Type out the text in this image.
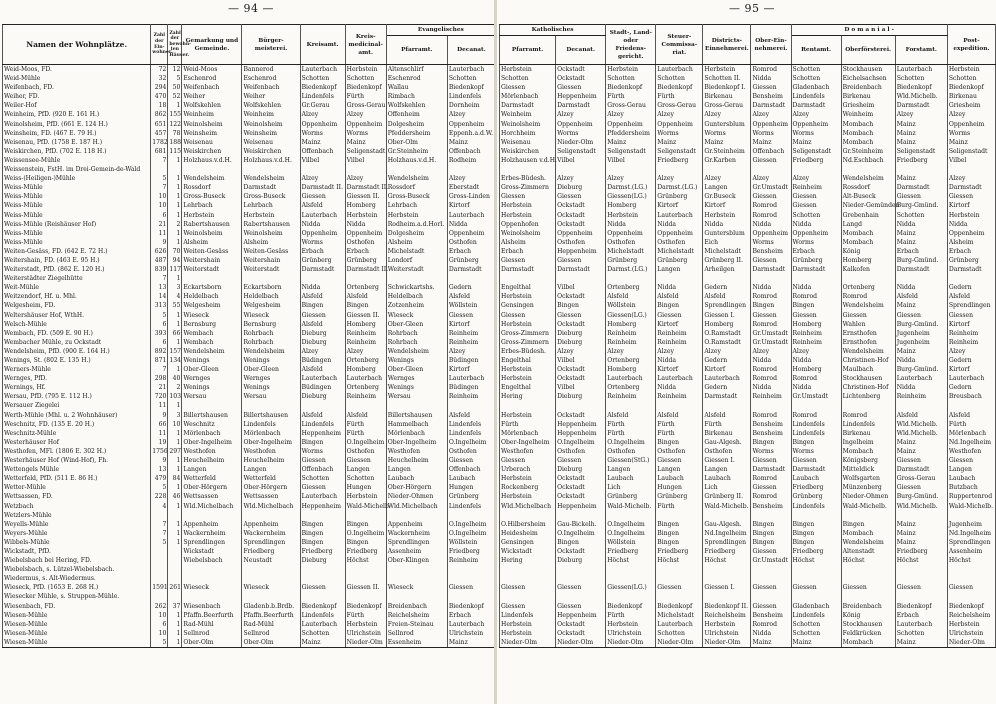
— 94 —
Namen der Wohnplätze.	Zahl der Ein-wohner.	Zahl der bewohn-ten Häuser.	Gemarkung und Gemeinde.	Bürger-meisterei.	Kreisamt.	Kreis-medicinal-amt.	Evangelisches	
							Pfarramt.	Decanat.
Weid-Moos, FD.	72	12	Weid-Moos	Bannerod	Lauterbach	Herbstein	Altenschlirf	Lauterbach
Weid-Mühle	32	5	Eschenrod	Eschenrod	Schotten	Schotten	Eschenrod	Schotten
Weifenbach, FD.	294	50	Weifenbach	Weifenbach	Biedenkopf	Biedenkopf	Wallau	Biedenkopf
Weiher, FD.	470	52	Weiher	Weiher	Lindenfels	Fürth	Rimbach	Lindenfels
Weiler-Hof	18	1	Wolfskehlen	Wolfskehlen	Gr.Gerau	Gross-Gerau	Wolfskehlen	Dornheim
Weinheim, PfD. (920 E. 161 H.)	862	155	Weinheim	Weinheim	Alzey	Alzey	Offenheim	Alzey
Weinolsheim, PfD. (661 E. 124 H.)	651	122	Weinolsheim	Weinolsheim	Oppenheim	Oppenheim	Dolgesheim	Oppenheim
Weinsheim, FD. (467 E. 79 H.)	457	78	Weinsheim	Weinsheim	Worms	Worms	Pfeddersheim	Eppenh.a.d.W.
Weisenau, PfD. (1758 E. 187 H.)	1782	188	Weisenau	Weisenau	Mainz	Mainz	Ober-Olm	Mainz
Weiskirchen, PfD. (702 E. 118 H.)	681	115	Weiskirchen	Weiskirchen	Offenbach	Seligenstadt	Gr.Steinheim	Offenbach
Weissensee-Mühle	7	1	Holzhaus.v.d.H.	Holzhaus.v.d.H.	Vilbel	Vilbel	Holzhaus.v.d.H.	Rodheim
Weissenstein, FstH. im Drei-Gemein-de-Wald								
Weiss-(Heiligen-)Mühle	5	1	Wendelsheim	Wendelsheim	Alzey	Alzey	Wendelsheim	Alzey
Weiss-Mühle	7	1	Rossdorf	Darmstadt	Darmstadt II.	Darmstadt II.	Rossdorf	Eberstadt
Weiss-Mühle	10	1	Gross-Buseck	Gross-Buseck	Giessen	Giessen II.	Gross-Buseck	Gross-Linden
Weiss-Mühle	10	1	Lehrbach	Lehrbach	Alsfeld	Homberg	Lehrbach	Kirtorf
Weiss-Mühle	6	1	Herbstein	Herbstein	Lauterbach	Herbstein	Herbstein	Lauterbach
Weiss-Mühle (Reishäuser Hof)	21	2	Rabertshausen	Rabertshausen	Nidda	Nidda	Rodheim.a.d.Horl.	Nidda
Weiss-Mühle	11	1	Weinolsheim	Weinolsheim	Oppenheim	Oppenheim	Dolgesheim	Oppenheim
Weiss-Mühle	9	1	Alsheim	Alsheim	Worms	Osthofen	Alsheim	Osthofen
Weiten-Gesäss, FD. (642 E. 72 H.)	626	70	Weiten-Gesäss	Weiten-Gesäss	Erbach	Erbach	Michelstadt	Erbach
Weitershain, FD. (463 E. 95 H.)	487	94	Weitershain	Weitershain	Grünberg	Grünberg	Londorf	Grünberg
Weiterstadt, PfD. (862 E. 120 H.)	839	117	Weiterstadt	Weiterstadt	Darmstadt	Darmstadt II.	Weiterstadt	Darmstadt
Weiterstädter Ziegelhütte	7	1						
Weit-Mühle	13	3	Eckartsborn	Eckartsborn	Nidda	Ortenberg	Schwickartshs.	Gedern
Weitzendorf, Hf. u. Mhl.	14	4	Heldelbach	Heldelbach	Alsfeld	Alsfeld	Heldelbach	Alsfeld
Welgesheim, FD.	313	55	Welgesheim	Welgesheim	Bingen	Bingen	Zotzenheim	Wöllstein
Weltershäuser Hof, WthH.	5	1	Wieseck	Wieseck	Giessen	Giessen II.	Wieseck	Giessen
Welsch-Mühle	6	1	Bernsburg	Bernsburg	Alsfeld	Homberg	Ober-Gleen	Kirtorf
Wembach, FD. (509 E. 90 H.)	393	66	Wembach	Rohrbach	Dieburg	Reinheim	Rohrbach	Reinheim
Wembacher Mühle, zu Ockstadt	6	1	Wembach	Rohrbach	Dieburg	Reinheim	Rohrbach	Reinheim
Wendelsheim, PfD. (900 E. 164 H.)	892	157	Wendelsheim	Wendelsheim	Alzey	Alzey	Wendelsheim	Alzey
Wenings, St. (802 E. 135 H.)	871	134	Wenings	Wenings	Büdingen	Ortenberg	Wenings	Büdingen
Werners-Mühle	7	1	Ober-Gleen	Ober-Gleen	Alsfeld	Homberg	Ober-Gleen	Kirtorf
Wernges, PfD.	298	40	Wernges	Wernges	Lauterbach	Lauterbach	Wernges	Lauterbach
Wernings, Hf.	21	2	Wenings	Wenings	Büdingen	Ortenberg	Wenings	Büdingen
Wersau, PfD. (795 E. 112 H.)	720	103	Wersau	Wersau	Dieburg	Reinheim	Wersau	Reinheim
Wersauer Ziegelei	11	1						
Werth-Mühle (Mhl. u. 2 Wohnhäuser)	9	3	Billertshausen	Billertshausen	Alsfeld	Alsfeld	Billertshausen	Alsfeld
Weschnitz, FD. (135 E. 20 H.)	66	10	Weschnitz	Lindenfels	Lindenfels	Fürth	Hammelbach	Lindenfels
Weschnitz-Mühle	11	1	Mörlenbach	Mörlenbach	Heppenheim	Fürth	Mörlenbach	Lindenfels
Westerhäuser Hof	19	1	Ober-Ingelheim	Ober-Ingelheim	Bingen	O.Ingelheim	Ober-Ingelheim	O.Ingelheim
Westhofen, MFl. (1806 E. 302 H.)	1756	297	Westhofen	Westhofen	Worms	Osthofen	Westhofen	Osthofen
Westerhäuser Hof (Wind-Hof), Fh.	9	1	Heuchelheim	Heuchelheim	Giessen	Giessen	Heuchelheim	Giessen
Wettengels Mühle	13	1	Langen	Langen	Offenbach	Langen	Langen	Offenbach
Wetterfeld, PfD. (511 E. 86 H.)	479	84	Wetterfeld	Wetterfeld	Schotten	Schotten	Laubach	Laubach
Wetter-Mühle	5	1	Ober-Hörgern	Ober-Hörgern	Giessen	Hungen	Ober-Hörgern	Hungen
Wettsassen, FD.	228	46	Wettsassen	Wettsassen	Lauterbach	Herbstein	Nieder-Ohmen	Grünberg
Wetzbach	4	1	Wld.Michelbach	Wld.Michelbach	Heppenheim	Wald-Michelb.	Wld.Michelbach	Lindenfels
Wetzlers-Mühle								
Weyells-Mühle	7	1	Appenheim	Appenheim	Bingen	Bingen	Appenheim	O.Ingelheim
Weyers-Mühle	7	1	Wackernheim	Wackernheim	Bingen	O.Ingelheim	Wackernheim	O.Ingelheim
Wibbels-Mühle	5	1	Sprendlingen	Sprendlingen	Bingen	Bingen	Sprendlingen	Wöllstein
Wickstadt, PfD.			Wickstadt	Friedberg	Friedberg	Friedberg	Assenheim	Friedberg
Wiebelsbach bei Hering, FD.			Wiebelsbach	Neustadt	Dieburg	Höchst	Ober-Klingen	Reinheim
Wiebelsbach, s. Lützel-Wiebelsbach.								
Wiedermus, s. Alt-Wiedermus.								
Wieseck, PfD. (1653 E. 268 H.)	1591	261	Wieseck	Wieseck	Giessen	Giessen II.	Wieseck	Giessen
Wiesecker Mühle, s. Struppen-Mühle.								
Wiesenbach, FD.	262	37	Wiesenbach	Gladenb.b.Brdb.	Biedenkopf	Biedenkopf	Breidenbach	Biedenkopf
Wiesen-Mühle	10	1	Pfaffn.Beerfurth	Pfaffn.Beerfurth	Lindenfels	Fürth	Reichelsheim	Erbach
Wiesen-Mühle	6	1	Rad-Mühl	Rad-Mühl	Lauterbach	Herbstein	Freien-Steinau	Lauterbach
Wiesen-Mühle	10	1	Sellnrod	Sellnrod	Schotten	Ulrichstein	Sellnrod	Ulrichstein
Wiesen-Mühle	5	1	Ober-Olm	Ober-Olm	Mainz	Nieder-Olm	Essenheim	Mainz
— 95 —
Katholisches		Stadt-, Land- oder Friedens-gericht.	Steuer-Commissa-riat.	Districts-Einnehmerei.	Ober-Ein-nehmerei.	D o m a n i a l -			Post-expedition.
Pfarramt.	Decanat.					Rentamt.	Oberförsterei.	Forstamt.	
Herbstein	Ockstadt	Herbstein	Lauterbach	Herbstein	Romrod	Schotten	Stockhausen	Lauterbach	Herbstein
Schotten	Ockstadt	Schotten	Schotten	Schotten II.	Nidda	Schotten	Eichelsachsen	Schotten	Schotten
Giessen	Giessen	Biedenkopf	Biedenkopf	Biedenkopf I.	Giessen	Gladenbach	Breidenbach	Biedenkopf	Biedenkopf
Mörlenbach	Heppenheim	Fürth	Fürth	Birkenau	Bensheim	Lindenfels	Birkenau	Wld.Michelb.	Birkenau
Darmstadt	Darmstadt	Gross-Gerau	Gross-Gerau	Gross-Gerau	Darmstadt	Darmstadt	Griesheim	Darmstadt	Griesheim
Weinheim	Alzey	Alzey	Alzey	Alzey	Alzey	Alzey	Weinheim	Alzey	Alzey
Weinolsheim	Oppenheim	Oppenheim	Oppenheim	Guntersblum	Oppenheim	Oppenheim	Mombach	Mainz	Oppenheim
Horchheim	Worms	Pfeddersheim	Worms	Worms	Worms	Worms	Mombach	Mainz	Worms
Weisenau	Nieder-Olm	Mainz	Mainz	Mainz	Mainz	Mainz	Mombach	Mainz	Mainz
Weiskirchen	Seligenstadt	Seligenstadt	Seligenstadt	Gr.Steinheim	Offenbach	Seligenstadt	Gr.Steinheim	Seligenstadt	Seligenstadt
Holzhausen v.d.H.	Vilbel	Vilbel	Friedberg	Gr.Karben	Giessen	Friedberg	Nd.Eschbach	Friedberg	Vilbel

Erbes-Büdesh.	Alzey	Alzey	Alzey	Alzey	Alzey	Alzey	Wendelsheim	Mainz	Alzey
Gross-Zimmern	Dieburg	Darmst.(LG.)	Darmst.(LG.)	Langen	Gr.Umstadt	Reinheim	Rossdorf	Darmstadt	Darmstadt
Giessen	Giessen	Giessen(LG.)	Grünberg	Gr.Buseck	Giessen	Giessen	Alt-Buseck	Giessen	Giessen
Herbstein	Ockstadt	Homberg	Kirtorf	Kirtorf	Romrod	Giessen	Nieder-Gemünden	Burg-Gmünd.	Kirtorf
Herbstein	Ockstadt	Herbstein	Lauterbach	Herbstein	Romrod	Schotten	Grebenhain	Schotten	Herbstein
Oppenhofen	Ockstadt	Nidda	Nidda	Nidda	Nidda	Nidda	Langd	Nidda	Nidda
Weinolsheim	Oppenheim	Oppenheim	Oppenheim	Guntersblum	Oppenheim	Oppenheim	Mombach	Mainz	Oppenheim
Alsheim	Osthofen	Osthofen	Osthofen	Eich	Worms	Worms	Mombach	Mainz	Alsheim
Erbach	Heppenheim	Michelstadt	Michelstadt	Michelstadt	Bensheim	Erbach	König	Erbach	Erbach
Giessen	Giessen	Grünberg	Grünberg	Grünberg II.	Giessen	Grünberg	Homberg	Burg-Gmünd.	Grünberg
Darmstadt	Darmstadt	Darmst.(LG.)	Langen	Arheilgen	Darmstadt	Darmstadt	Kalkofen	Darmstadt	Darmstadt

Engelthal	Vilbel	Ortenberg	Nidda	Gedern	Nidda	Nidda	Ortenberg	Nidda	Gedern
Herbstein	Ockstadt	Alsfeld	Alsfeld	Alsfeld	Romrod	Romrod	Romrod	Alsfeld	Alsfeld
Gensingen	Bingen	Wöllstein	Bingen	Sprendlingen	Bingen	Bingen	Wendelsheim	Mainz	Sprendlingen
Giessen	Giessen	Giessen(LG.)	Giessen	Giessen I.	Giessen	Giessen	Giessen	Giessen	Giessen
Herbstein	Ockstadt	Homberg	Kirtorf	Homberg	Romrod	Homberg	Wahlen	Burg-Gmünd.	Kirtorf
Gross-Zimmern	Dieburg	Reinheim	Reinheim	O.Ramstadt	Gr.Umstadt	Reinheim	Ernsthofen	Jugenheim	Reinheim
Gross-Zimmern	Dieburg	Reinheim	Reinheim	O.Ramstadt	Gr.Umstadt	Reinheim	Ernsthofen	Jugenheim	Reinheim
Erbes-Büdesh.	Alzey	Alzey	Alzey	Alzey	Alzey	Alzey	Wendelsheim	Mainz	Alzey
Engelthal	Vilbel	Ortenberg	Nidda	Gedern	Nidda	Nidda	Christinen-Hof	Nidda	Gedern
Herbstein	Ockstadt	Homberg	Kirtorf	Kirtorf	Romrod	Homberg	Maulbach	Burg-Gmünd.	Kirtorf
Herbstein	Ockstadt	Lauterbach	Lauterbach	Lauterbach	Romrod	Romrod	Stockhausen	Lauterbach	Lauterbach
Engelthal	Vilbel	Ortenberg	Nidda	Gedern	Nidda	Nidda	Christinen-Hof	Nidda	Gedern
Hering	Dieburg	Reinheim	Reinheim	Darmstadt	Reinheim	Gr.Umstadt	Lichtenberg	Reinheim	Breusbach

Herbstein	Ockstadt	Alsfeld	Alsfeld	Alsfeld	Romrod	Romrod	Romrod	Alsfeld	Alsfeld
Fürth	Heppenheim	Fürth	Fürth	Fürth	Bensheim	Lindenfels	Lindenfels	Wld.Michelb.	Fürth
Mörlenbach	Heppenheim	Fürth	Fürth	Birkenau	Bensheim	Lindenfels	Birkenau	Wld.Michelb.	Mörlenbach
Ober-Ingelheim	O.Ingelheim	O.Ingelheim	Bingen	Gau-Algesh.	Bingen	Bingen	Ingelheim	Mainz	Nd.Ingelheim
Westhofen	Osthofen	Osthofen	Osthofen	Osthofen	Worms	Worms	Mombach	Mainz	Westhofen
Giessen	Giessen	Giessen(StG.)	Giessen	Giessen I.	Giessen	Giessen	Königsberg	Giessen	Giessen
Urberach	Dieburg	Langen	Langen	Langen	Darmstadt	Darmstadt	Mitteldick	Darmstadt	Langen
Herbstein	Ockstadt	Laubach	Laubach	Laubach	Romrod	Laubach	Wolfsgarten	Gross-Gerau	Laubach
Rockenberg	Ockstadt	Lich	Hungen	Lich	Giessen	Friedberg	Münzenberg	Giessen	Butzbach
Herbstein	Ockstadt	Grünberg	Grünberg	Grünberg II.	Romrod	Grünberg	Nieder-Ohmen	Burg-Gmünd.	Ruppertenrod
Wld.Michelbach	Heppenheim	Wald-Michelb.	Fürth	Wald-Michelb.	Bensheim	Lindenfels	Wald-Michelb.	Wld.Michelb.	Wald-Michelb.

O.Hilbersheim	Gau-Bickelh.	O.Ingelheim	Bingen	Gau-Algesh.	Bingen	Bingen	Bingen	Mainz	Jugenheim
Heidesheim	O.Ingelheim	O.Ingelheim	Bingen	Nd.Ingelheim	Bingen	Bingen	Mombach	Mainz	Nd.Ingelheim
Gensingen	Bingen	Wöllstein	Bingen	Sprendlingen	Bingen	Bingen	Wendelsheim	Mainz	Sprendlingen
Wickstadt	Ockstadt	Friedberg	Friedberg	Friedberg	Giessen	Friedberg	Altenstadt	Friedberg	Assenheim
Hering	Dieburg	Höchst	Höchst	Höchst	Gr.Umstadt	Höchst	Höchst	Höchst	Höchst

Giessen	Giessen	Giessen(LG.)	Giessen	Giessen I.	Giessen	Giessen	Giessen	Giessen	Giessen

Giessen	Giessen	Biedenkopf	Biedenkopf	Biedenkopf II.	Giessen	Gladenbach	Breidenbach	Biedenkopf	Biedenkopf
Lindenfels	Heppenheim	Fürth	Michelstadt	Reichelsheim	Bensheim	Lindenfels	König	Erbach	Reichelsheim
Herbstein	Ockstadt	Herbstein	Lauterbach	Herbstein	Romrod	Schotten	Stockhausen	Lauterbach	Herbstein
Herbstein	Ockstadt	Ulrichstein	Schotten	Ulrichstein	Nidda	Schotten	Feldkrücken	Schotten	Ulrichstein
Nieder-Olm	Nieder-Olm	Nieder-Olm	Nieder-Olm	Nieder-Olm	Mainz	Mainz	Mombach	Mainz	Nieder-Olm
